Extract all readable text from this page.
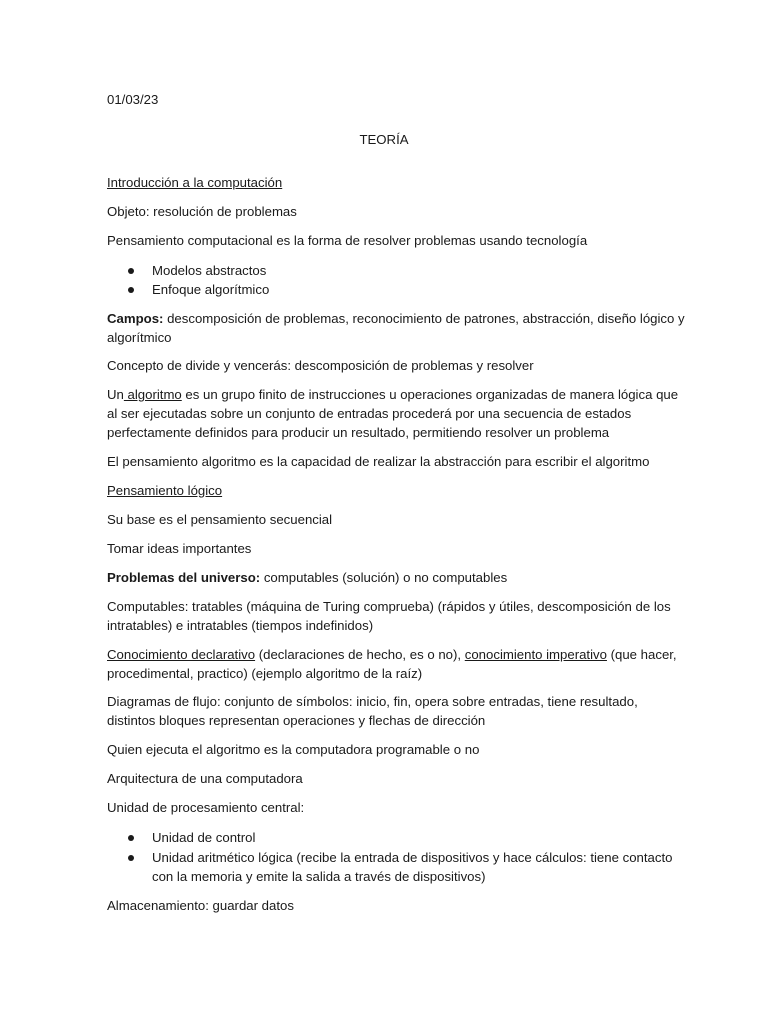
01/03/23
TEORÍA
Introducción a la computación
Objeto: resolución de problemas
Pensamiento computacional es la forma de resolver problemas usando tecnología
Modelos abstractos
Enfoque algorítmico
Campos: descomposición de problemas, reconocimiento de patrones, abstracción, diseño lógico y
algorítmico
Concepto de divide y vencerás: descomposición de problemas y resolver
Un algoritmo es un grupo finito de instrucciones u operaciones organizadas de manera lógica que
al ser ejecutadas sobre un conjunto de entradas procederá por una secuencia de estados
perfectamente definidos para producir un resultado, permitiendo resolver un problema
El pensamiento algoritmo es la capacidad de realizar la abstracción para escribir el algoritmo
Pensamiento lógico
Su base es el pensamiento secuencial
Tomar ideas importantes
Problemas del universo: computables (solución) o no computables
Computables: tratables (máquina de Turing comprueba) (rápidos y útiles, descomposición de los
intratables) e intratables (tiempos indefinidos)
Conocimiento declarativo (declaraciones de hecho, es o no), conocimiento imperativo (que hacer,
procedimental, practico) (ejemplo algoritmo de la raíz)
Diagramas de flujo: conjunto de símbolos: inicio, fin, opera sobre entradas, tiene resultado,
distintos bloques representan operaciones y flechas de dirección
Quien ejecuta el algoritmo es la computadora programable o no
Arquitectura de una computadora
Unidad de procesamiento central:
Unidad de control
Unidad aritmético lógica (recibe la entrada de dispositivos y hace cálculos: tiene contacto
con la memoria y emite la salida a través de dispositivos)
Almacenamiento: guardar datos
